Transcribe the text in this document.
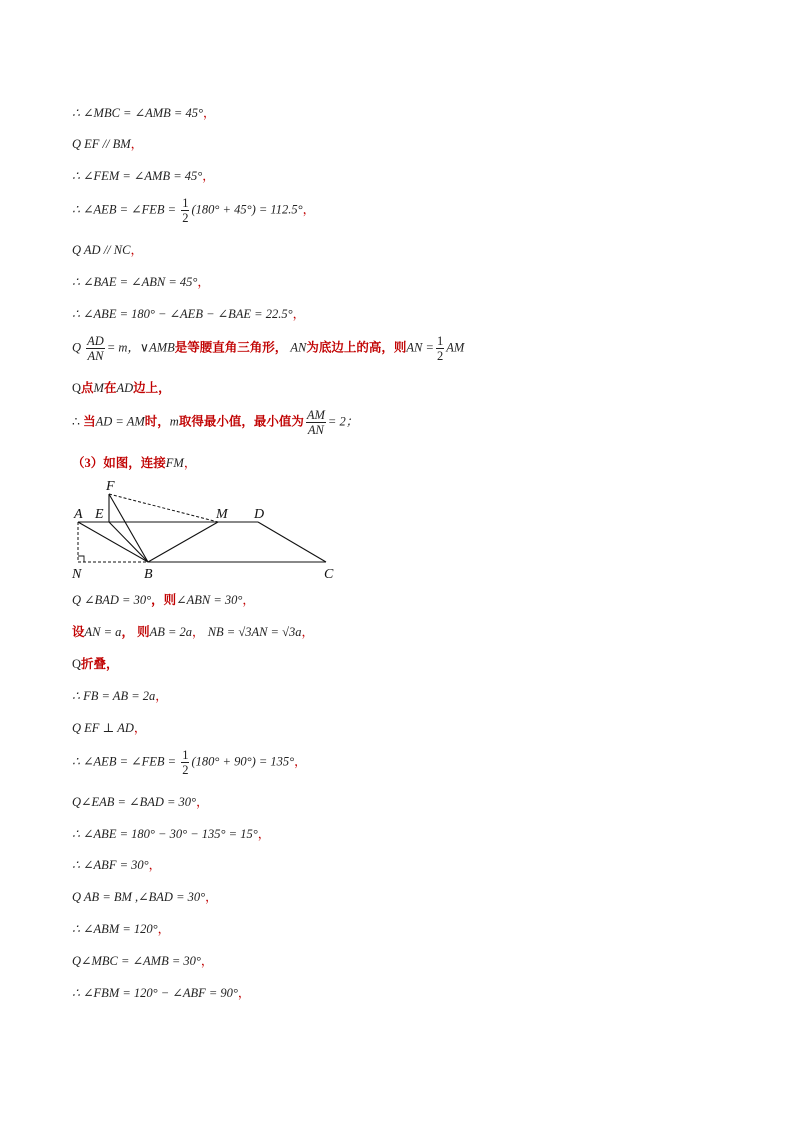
∴ ∠MBC = ∠AMB = 45°，
Q EF // BM，
∴ ∠FEM = ∠AMB = 45°，
∴ ∠AEB = ∠FEB = $\frac{1}{2} (180^\circ + 45^\circ) = 112.5^\circ$，
Q AD // NC，
∴ ∠BAE = ∠ABN = 45°，
∴ ∠ABE = 180° − ∠AEB − ∠BAE = 22.5°，
Q $\frac{AD}{AN} = m$，∨AMB是等腰直角三角形， AN为底边上的高，则AN = $\frac{1}{2}$ AM
Q点M在AD边上，
∴ 当AD = AM时，m取得最小值，最小值为 $\frac{AM}{AN} = 2$；
（3）如图，连接FM，
F
A E	M D
N	B	C
Q ∠BAD = 30°，则∠ABN = 30°，
设AN = a， 则AB = 2a， NB = √3AN = √3a，
Q折叠，
∴ FB = AB = 2a，
Q EF ⊥ AD，
∴ ∠AEB = ∠FEB = $\frac{1}{2} (180^\circ + 90^\circ) = 135^\circ$，
Q∠EAB = ∠BAD = 30°，
∴ ∠ABE = 180° − 30° − 135° = 15°，
∴ ∠ABF = 30°，
Q AB = BM ,∠BAD = 30°，
∴ ∠ABM = 120°，
Q∠MBC = ∠AMB = 30°，
∴ ∠FBM = 120° − ∠ABF = 90°，
